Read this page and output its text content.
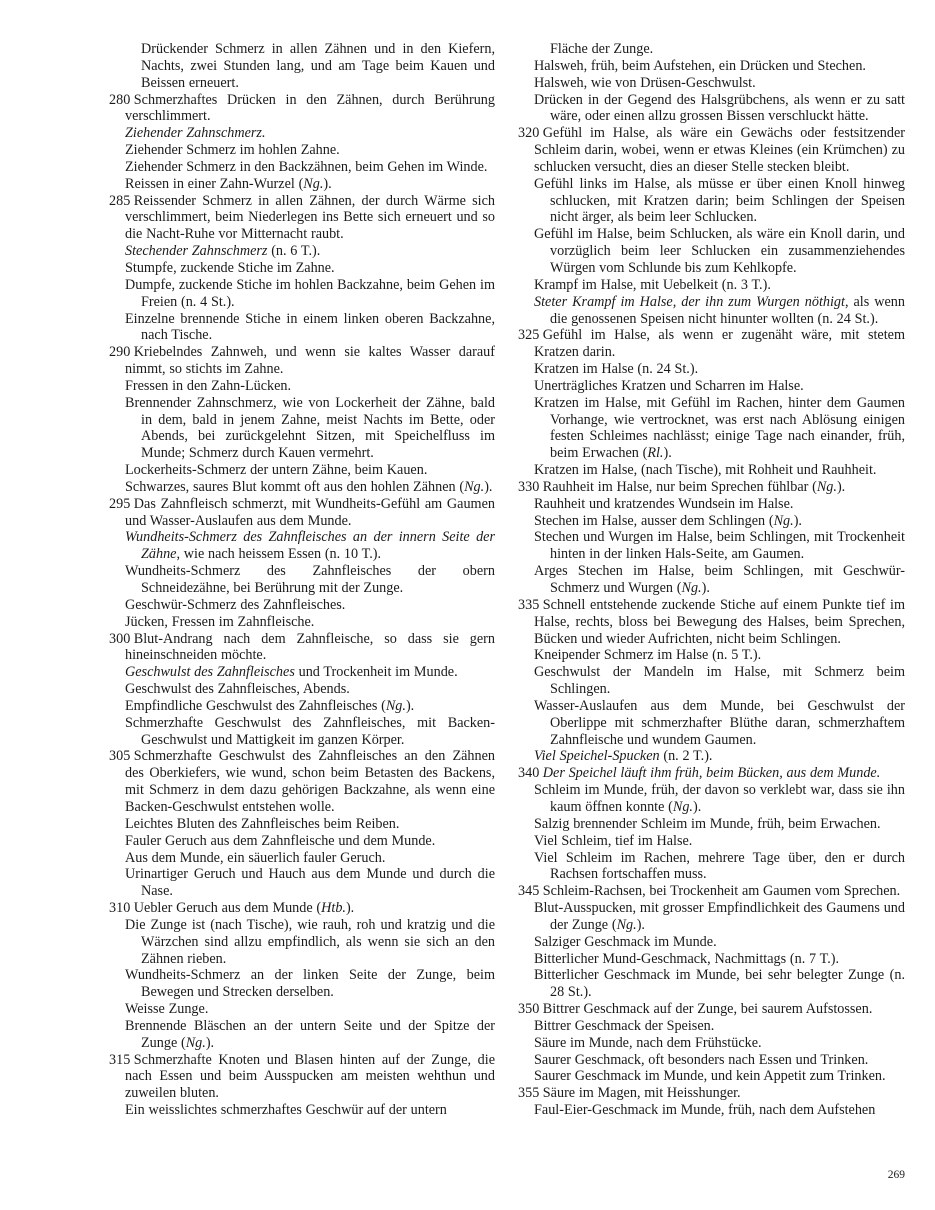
Drückender Schmerz in allen Zähnen und in den Kiefern, Nachts, zwei Stunden lang, und am Tage beim Kauen und Beissen erneuert.

280 Schmerzhaftes Drücken in den Zähnen, durch Berührung verschlimmert.

Ziehender Zahnschmerz.

Ziehender Schmerz im hohlen Zahne.

Ziehender Schmerz in den Backzähnen, beim Gehen im Winde.

Reissen in einer Zahn-Wurzel (Ng.).

285 Reissender Schmerz in allen Zähnen, der durch Wärme sich verschlimmert, beim Niederlegen ins Bette sich erneuert und so die Nacht-Ruhe vor Mitternacht raubt.

Stechender Zahnschmerz (n. 6 T.).

Stumpfe, zuckende Stiche im Zahne.

Dumpfe, zuckende Stiche im hohlen Backzahne, beim Gehen im Freien (n. 4 St.).

Einzelne brennende Stiche in einem linken oberen Backzahne, nach Tische.

290 Kriebelndes Zahnweh, und wenn sie kaltes Wasser darauf nimmt, so stichts im Zahne.

Fressen in den Zahn-Lücken.

Brennender Zahnschmerz, wie von Lockerheit der Zähne, bald in dem, bald in jenem Zahne, meist Nachts im Bette, oder Abends, bei zurückgelehnt Sitzen, mit Speichelfluss im Munde; Schmerz durch Kauen vermehrt.

Lockerheits-Schmerz der untern Zähne, beim Kauen.

Schwarzes, saures Blut kommt oft aus den hohlen Zähnen (Ng.).

295 Das Zahnfleisch schmerzt, mit Wundheits-Gefühl am Gaumen und Wasser-Auslaufen aus dem Munde.

Wundheits-Schmerz des Zahnfleisches an der innern Seite der Zähne, wie nach heissem Essen (n. 10 T.).

Wundheits-Schmerz des Zahnfleisches der obern Schneidezähne, bei Berührung mit der Zunge.

Geschwür-Schmerz des Zahnfleisches.

Jücken, Fressen im Zahnfleische.

300 Blut-Andrang nach dem Zahnfleische, so dass sie gern hineinschneiden möchte.

Geschwulst des Zahnfleisches und Trockenheit im Munde.

Geschwulst des Zahnfleisches, Abends.

Empfindliche Geschwulst des Zahnfleisches (Ng.).

Schmerzhafte Geschwulst des Zahnfleisches, mit Backen-Geschwulst und Mattigkeit im ganzen Körper.

305 Schmerzhafte Geschwulst des Zahnfleisches an den Zähnen des Oberkiefers, wie wund, schon beim Betasten des Backens, mit Schmerz in dem dazu gehörigen Backzahne, als wenn eine Backen-Geschwulst entstehen wolle.

Leichtes Bluten des Zahnfleisches beim Reiben.

Fauler Geruch aus dem Zahnfleische und dem Munde.

Aus dem Munde, ein säuerlich fauler Geruch.

Urinartiger Geruch und Hauch aus dem Munde und durch die Nase.

310 Uebler Geruch aus dem Munde (Htb.).

Die Zunge ist (nach Tische), wie rauh, roh und kratzig und die Wärzchen sind allzu empfindlich, als wenn sie sich an den Zähnen rieben.

Wundheits-Schmerz an der linken Seite der Zunge, beim Bewegen und Strecken derselben.

Weisse Zunge.

Brennende Bläschen an der untern Seite und der Spitze der Zunge (Ng.).

315 Schmerzhafte Knoten und Blasen hinten auf der Zunge, die nach Essen und beim Ausspucken am meisten wehthun und zuweilen bluten.

Ein weisslichtes schmerzhaftes Geschwür auf der untern

Fläche der Zunge.

Halsweh, früh, beim Aufstehen, ein Drücken und Stechen.

Halsweh, wie von Drüsen-Geschwulst.

Drücken in der Gegend des Halsgrübchens, als wenn er zu satt wäre, oder einen allzu grossen Bissen verschluckt hätte.

320 Gefühl im Halse, als wäre ein Gewächs oder festsitzender Schleim darin, wobei, wenn er etwas Kleines (ein Krümchen) zu schlucken versucht, dies an dieser Stelle stecken bleibt.

Gefühl links im Halse, als müsse er über einen Knoll hinweg schlucken, mit Kratzen darin; beim Schlingen der Speisen nicht ärger, als beim leer Schlucken.

Gefühl im Halse, beim Schlucken, als wäre ein Knoll darin, und vorzüglich beim leer Schlucken ein zusammenziehendes Würgen vom Schlunde bis zum Kehlkopfe.

Krampf im Halse, mit Uebelkeit (n. 3 T.).

Steter Krampf im Halse, der ihn zum Wurgen nöthigt, als wenn die genossenen Speisen nicht hinunter wollten (n. 24 St.).

325 Gefühl im Halse, als wenn er zugenäht wäre, mit stetem Kratzen darin.

Kratzen im Halse (n. 24 St.).

Unerträgliches Kratzen und Scharren im Halse.

Kratzen im Halse, mit Gefühl im Rachen, hinter dem Gaumen Vorhange, wie vertrocknet, was erst nach Ablösung einigen festen Schleimes nachlässt; einige Tage nach einander, früh, beim Erwachen (Rl.).

Kratzen im Halse, (nach Tische), mit Rohheit und Rauhheit.

330 Rauhheit im Halse, nur beim Sprechen fühlbar (Ng.).

Rauhheit und kratzendes Wundsein im Halse.

Stechen im Halse, ausser dem Schlingen (Ng.).

Stechen und Wurgen im Halse, beim Schlingen, mit Trockenheit hinten in der linken Hals-Seite, am Gaumen.

Arges Stechen im Halse, beim Schlingen, mit Geschwür-Schmerz und Wurgen (Ng.).

335 Schnell entstehende zuckende Stiche auf einem Punkte tief im Halse, rechts, bloss bei Bewegung des Halses, beim Sprechen, Bücken und wieder Aufrichten, nicht beim Schlingen.

Kneipender Schmerz im Halse (n. 5 T.).

Geschwulst der Mandeln im Halse, mit Schmerz beim Schlingen.

Wasser-Auslaufen aus dem Munde, bei Geschwulst der Oberlippe mit schmerzhafter Blüthe daran, schmerzhaftem Zahnfleische und wundem Gaumen.

Viel Speichel-Spucken (n. 2 T.).

340 Der Speichel läuft ihm früh, beim Bücken, aus dem Munde.

Schleim im Munde, früh, der davon so verklebt war, dass sie ihn kaum öffnen konnte (Ng.).

Salzig brennender Schleim im Munde, früh, beim Erwachen.

Viel Schleim, tief im Halse.

Viel Schleim im Rachen, mehrere Tage über, den er durch Rachsen fortschaffen muss.

345 Schleim-Rachsen, bei Trockenheit am Gaumen vom Sprechen.

Blut-Ausspucken, mit grosser Empfindlichkeit des Gaumens und der Zunge (Ng.).

Salziger Geschmack im Munde.

Bitterlicher Mund-Geschmack, Nachmittags (n. 7 T.).

Bitterlicher Geschmack im Munde, bei sehr belegter Zunge (n. 28 St.).

350 Bittrer Geschmack auf der Zunge, bei saurem Aufstossen.

Bittrer Geschmack der Speisen.

Säure im Munde, nach dem Frühstücke.

Saurer Geschmack, oft besonders nach Essen und Trinken.

Saurer Geschmack im Munde, und kein Appetit zum Trinken.

355 Säure im Magen, mit Heisshunger.

Faul-Eier-Geschmack im Munde, früh, nach dem Aufstehen

269
